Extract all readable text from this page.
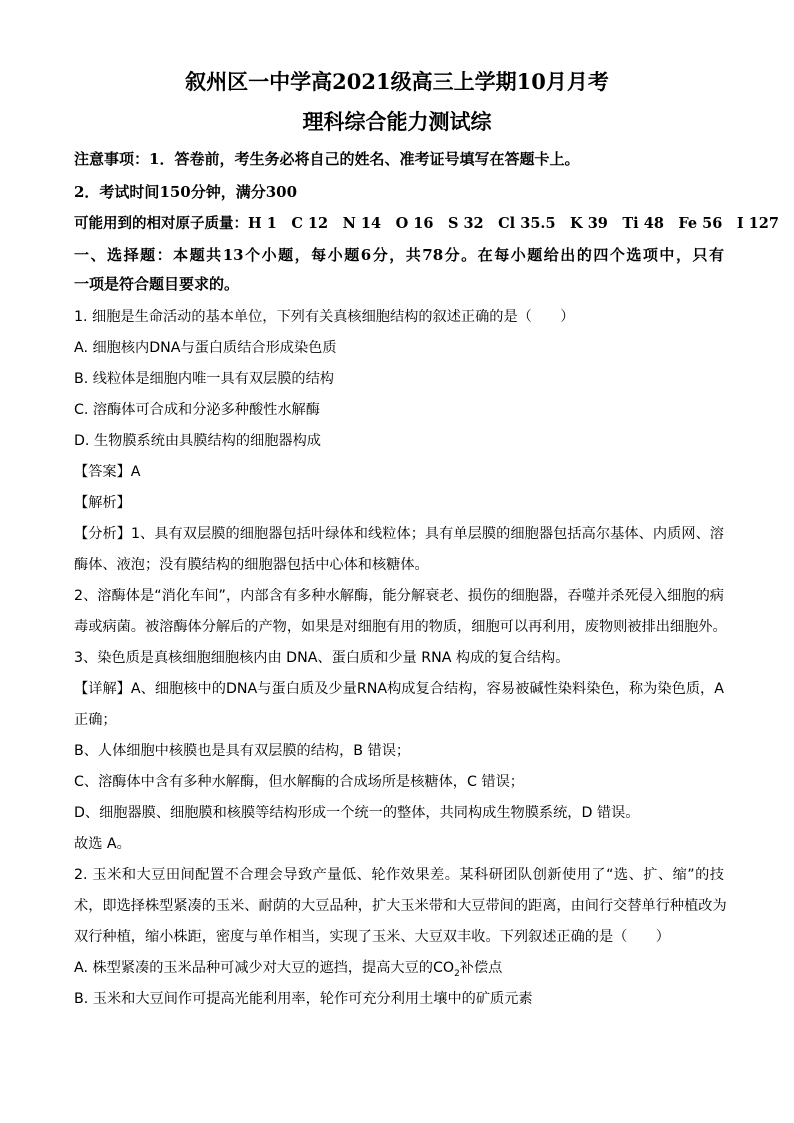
叙州区一中学高2021级高三上学期10月月考
理科综合能力测试综
注意事项：1．答卷前，考生务必将自己的姓名、准考证号填写在答题卡上。
2．考试时间150分钟，满分300
可能用到的相对原子质量：H 1　C 12　N 14　O 16　S 32　Cl 35.5　K 39　Ti 48　Fe 56　I 127
一、选择题：本题共13个小题，每小题6分，共78分。在每小题给出的四个选项中，只有
一项是符合题目要求的。
1. 细胞是生命活动的基本单位，下列有关真核细胞结构的叙述正确的是（　　）
A. 细胞核内DNA与蛋白质结合形成染色质
B. 线粒体是细胞内唯一具有双层膜的结构
C. 溶酶体可合成和分泌多种酸性水解酶
D. 生物膜系统由具膜结构的细胞器构成
【答案】A
【解析】
【分析】1、具有双层膜的细胞器包括叶绿体和线粒体；具有单层膜的细胞器包括高尔基体、内质网、溶
酶体、液泡；没有膜结构的细胞器包括中心体和核糖体。
2、溶酶体是“消化车间”，内部含有多种水解酶，能分解衰老、损伤的细胞器，吞噬并杀死侵入细胞的病
毒或病菌。被溶酶体分解后的产物，如果是对细胞有用的物质，细胞可以再利用，废物则被排出细胞外。
3、染色质是真核细胞细胞核内由 DNA、蛋白质和少量 RNA 构成的复合结构。
【详解】A、细胞核中的DNA与蛋白质及少量RNA构成复合结构，容易被碱性染料染色，称为染色质，A
正确；
B、人体细胞中核膜也是具有双层膜的结构，B 错误；
C、溶酶体中含有多种水解酶，但水解酶的合成场所是核糖体，C 错误；
D、细胞器膜、细胞膜和核膜等结构形成一个统一的整体，共同构成生物膜系统，D 错误。
故选 A。
2. 玉米和大豆田间配置不合理会导致产量低、轮作效果差。某科研团队创新使用了“选、扩、缩”的技
术，即选择株型紧凑的玉米、耐荫的大豆品种，扩大玉米带和大豆带间的距离，由间行交替单行种植改为
双行种植，缩小株距，密度与单作相当，实现了玉米、大豆双丰收。下列叙述正确的是（　　）
A. 株型紧凑的玉米品种可减少对大豆的遮挡，提高大豆的$CO_2$补偿点
B. 玉米和大豆间作可提高光能利用率，轮作可充分利用土壤中的矿质元素
